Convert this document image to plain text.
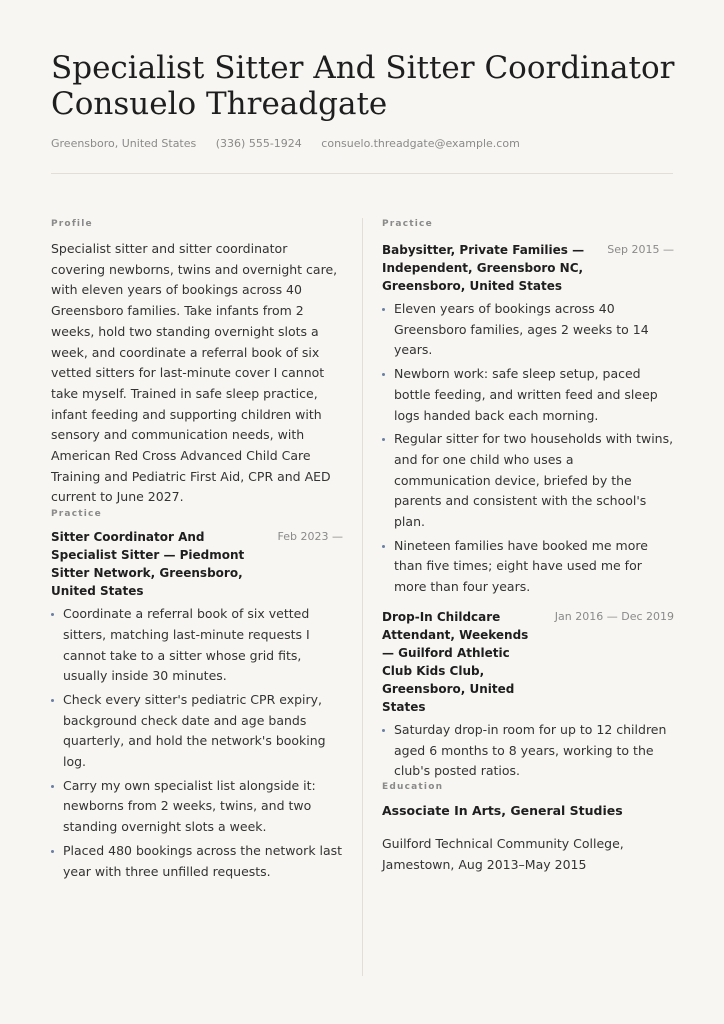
Specialist Sitter And Sitter Coordinator Consuelo Threadgate
Greensboro, United States (336) 555-1924 consuelo.threadgate@example.com
Profile

Specialist sitter and sitter coordinator covering newborns, twins and overnight care, with eleven years of bookings across 40 Greensboro families. Take infants from 2 weeks, hold two standing overnight slots a week, and coordinate a referral book of six vetted sitters for last-minute cover I cannot take myself. Trained in safe sleep practice, infant feeding and supporting children with sensory and communication needs, with American Red Cross Advanced Child Care Training and Pediatric First Aid, CPR and AED current to June 2027.

Practice
Sitter Coordinator And Specialist Sitter — Piedmont Sitter Network, Greensboro, United States
Feb 2023 —
Coordinate a referral book of six vetted sitters, matching last-minute requests I cannot take to a sitter whose grid fits, usually inside 30 minutes.
Check every sitter's pediatric CPR expiry, background check date and age bands quarterly, and hold the network's booking log.
Carry my own specialist list alongside it: newborns from 2 weeks, twins, and two standing overnight slots a week.
Placed 480 bookings across the network last year with three unfilled requests.
Practice
Babysitter, Private Families — Independent, Greensboro NC, Greensboro, United States
Sep 2015 —
Eleven years of bookings across 40 Greensboro families, ages 2 weeks to 14 years.
Newborn work: safe sleep setup, paced bottle feeding, and written feed and sleep logs handed back each morning.
Regular sitter for two households with twins, and for one child who uses a communication device, briefed by the parents and consistent with the school's plan.
Nineteen families have booked me more than five times; eight have used me for more than four years.
Drop-In Childcare Attendant, Weekends — Guilford Athletic Club Kids Club, Greensboro, United States
Jan 2016 — Dec 2019
Saturday drop-in room for up to 12 children aged 6 months to 8 years, working to the club's posted ratios.
Education
Associate In Arts, General Studies
Guilford Technical Community College, Jamestown, Aug 2013–May 2015
